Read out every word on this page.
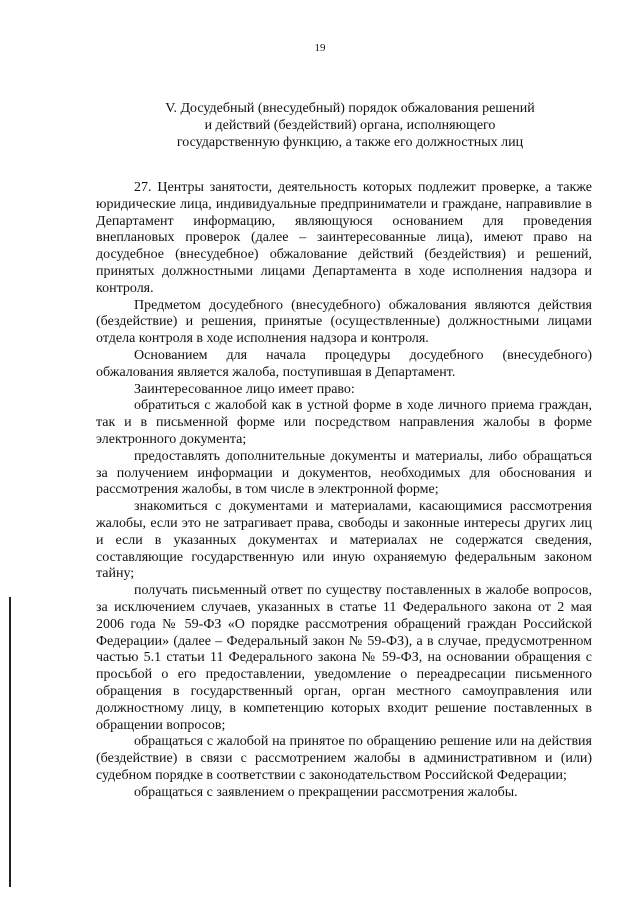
19
V. Досудебный (внесудебный) порядок обжалования решений
и действий (бездействий) органа, исполняющего
государственную функцию, а также его должностных лиц

27. Центры занятости, деятельность которых подлежит проверке, а также юридические лица, индивидуальные предприниматели и граждане, направивлие в Департамент информацию, являющуюся основанием для проведения внеплановых проверок (далее – заинтересованные лица), имеют право на досудебное (внесудебное) обжалование действий (бездействия) и решений, принятых должностными лицами Департамента в ходе исполнения надзора и контроля.

Предметом досудебного (внесудебного) обжалования являются действия (бездействие) и решения, принятые (осуществленные) должностными лицами отдела контроля в ходе исполнения надзора и контроля.

Основанием для начала процедуры досудебного (внесудебного) обжалования является жалоба, поступившая в Департамент.

Заинтересованное лицо имеет право:

обратиться с жалобой как в устной форме в ходе личного приема граждан, так и в письменной форме или посредством направления жалобы в форме электронного документа;

предоставлять дополнительные документы и материалы, либо обращаться за получением информации и документов, необходимых для обоснования и рассмотрения жалобы, в том числе в электронной форме;

знакомиться с документами и материалами, касающимися рассмотрения жалобы, если это не затрагивает права, свободы и законные интересы других лиц и если в указанных документах и материалах не содержатся сведения, составляющие государственную или иную охраняемую федеральным законом тайну;

получать письменный ответ по существу поставленных в жалобе вопросов, за исключением случаев, указанных в статье 11 Федерального закона от 2 мая 2006 года № 59-ФЗ «О порядке рассмотрения обращений граждан Российской Федерации» (далее – Федеральный закон № 59-ФЗ), а в случае, предусмотренном частью 5.1 статьи 11 Федерального закона № 59-ФЗ, на основании обращения с просьбой о его предоставлении, уведомление о переадресации письменного обращения в государственный орган, орган местного самоуправления или должностному лицу, в компетенцию которых входит решение поставленных в обращении вопросов;

обращаться с жалобой на принятое по обращению решение или на действия (бездействие) в связи с рассмотрением жалобы в административном и (или) судебном порядке в соответствии с законодательством Российской Федерации;

обращаться с заявлением о прекращении рассмотрения жалобы.
